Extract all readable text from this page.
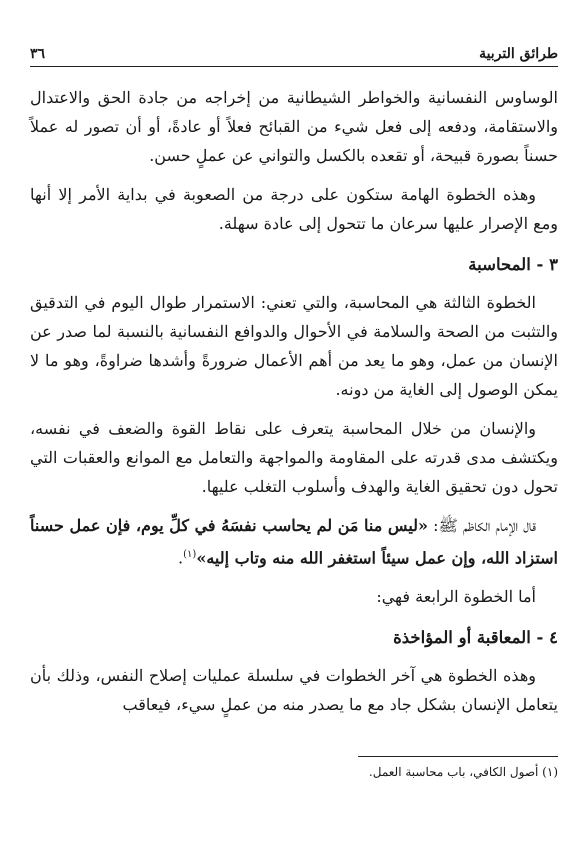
طرائق التربية
٣٦

الوساوس النفسانية والخواطر الشيطانية من إخراجه من جادة الحق والاعتدال والاستقامة، ودفعه إلى فعل شيء من القبائح فعلاً أو عادةً، أو أن تصور له عملاً حسناً بصورة قبيحة، أو تقعده بالكسل والتواني عن عملٍ حسن.

وهذه الخطوة الهامة ستكون على درجة من الصعوبة في بداية الأمر إلا أنها ومع الإصرار عليها سرعان ما تتحول إلى عادة سهلة.

٣ - المحاسبة

الخطوة الثالثة هي المحاسبة، والتي تعني: الاستمرار طوال اليوم في التدقيق والتثبت من الصحة والسلامة في الأحوال والدوافع النفسانية بالنسبة لما صدر عن الإنسان من عمل، وهو ما يعد من أهم الأعمال ضرورةً وأشدها ضراوةً، وهو ما لا يمكن الوصول إلى الغاية من دونه.

والإنسان من خلال المحاسبة يتعرف على نقاط القوة والضعف في نفسه، ويكتشف مدى قدرته على المقاومة والمواجهة والتعامل مع الموانع والعقبات التي تحول دون تحقيق الغاية والهدف وأسلوب التغلب عليها.

قال الإمام الكاظم ﷺ: «ليس منا مَن لم يحاسب نفسَهُ في كلِّ يوم، فإن عمل حسناً استزاد الله، وإن عمل سيئاً استغفر الله منه وتاب إليه»$^{(١)}$.

أما الخطوة الرابعة فهي:

٤ - المعاقبة أو المؤاخذة

وهذه الخطوة هي آخر الخطوات في سلسلة عمليات إصلاح النفس، وذلك بأن يتعامل الإنسان بشكل جاد مع ما يصدر منه من عملٍ سيء، فيعاقب

(١) أصول الكافي، باب محاسبة العمل.
